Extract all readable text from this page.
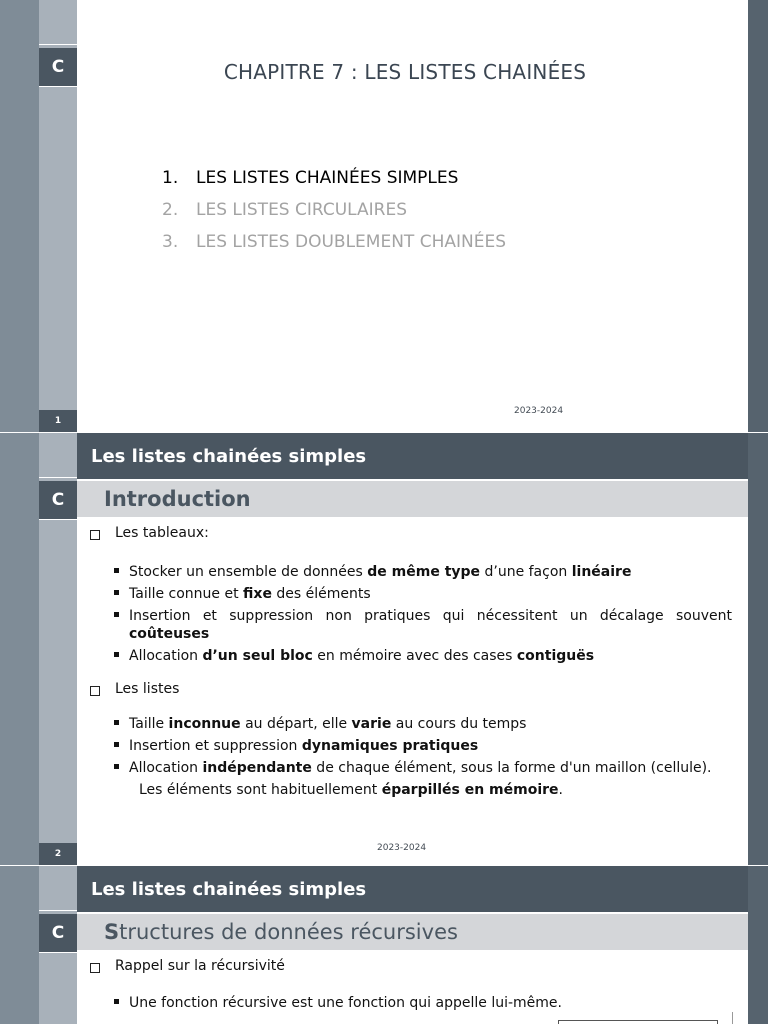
C
1
CHAPITRE 7 : LES LISTES CHAINÉES
1.	LES LISTES CHAINÉES SIMPLES
2.	LES LISTES CIRCULAIRES
3.	LES LISTES DOUBLEMENT CHAINÉES
2023-2024
C
2
Les listes chainées simples
Introduction
Les tableaux:
Stocker un ensemble de données de même type d’une façon linéaire
Taille connue et fixe des éléments
Insertion et suppression non pratiques qui nécessitent un décalage souvent coûteuses
Allocation d’un seul bloc en mémoire avec des cases contiguës
Les listes
Taille inconnue au départ, elle varie au cours du temps
Insertion et suppression dynamiques pratiques
Allocation indépendante de chaque élément, sous la forme d'un maillon (cellule).
Les éléments sont habituellement éparpillés en mémoire.
2023-2024
C
Les listes chainées simples
S tructures de données récursives
Rappel sur la récursivité
Une fonction récursive est une fonction qui appelle lui-même.
